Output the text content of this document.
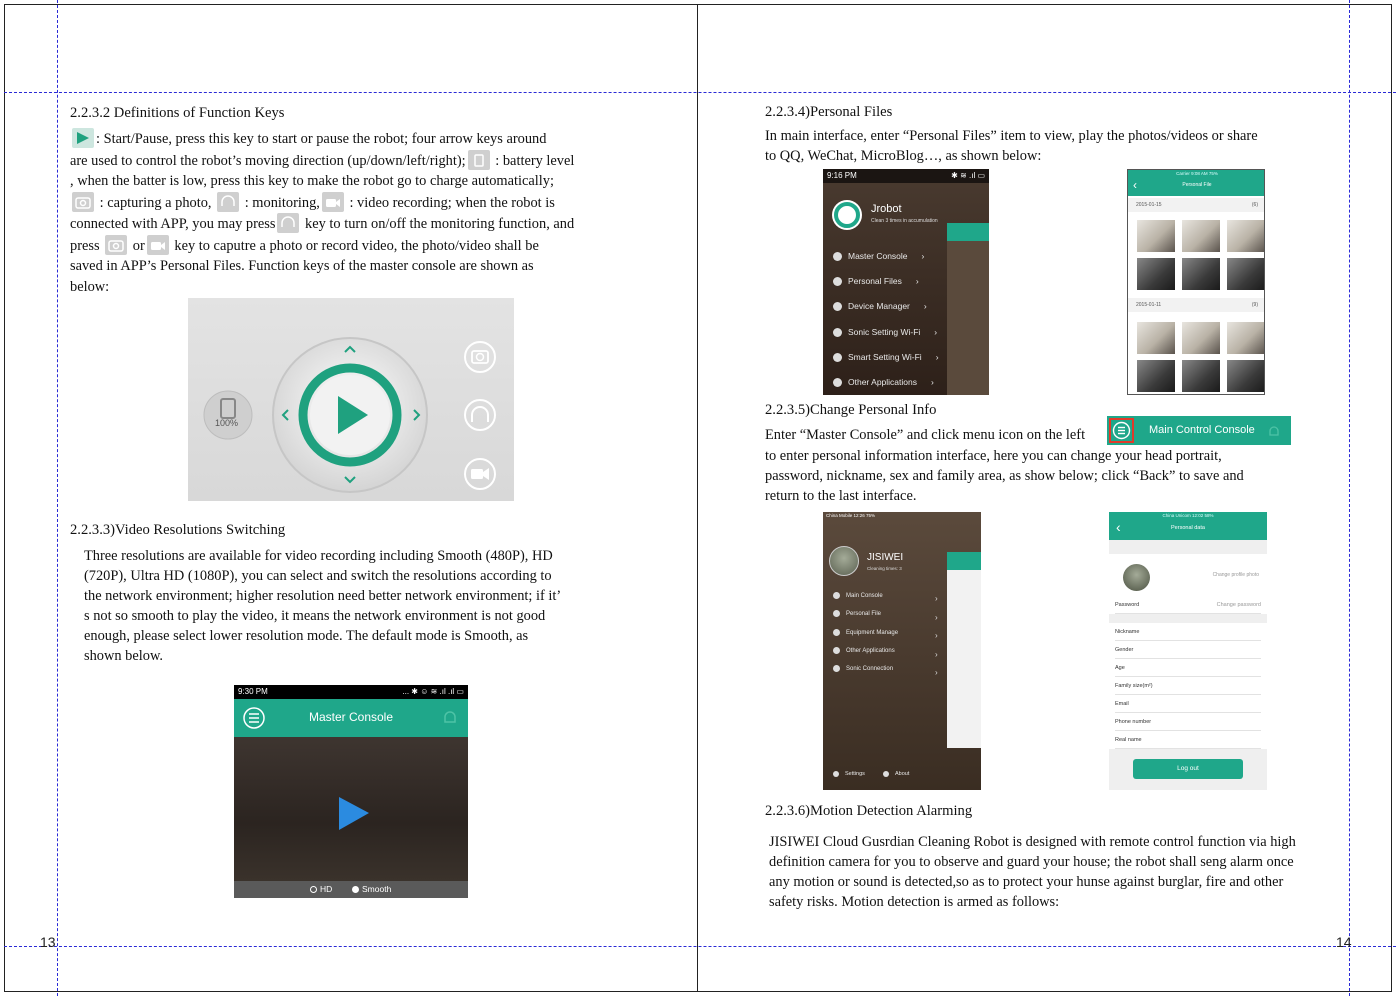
13	14
2.2.3.2 Definitions of Function Keys
: Start/Pause, press this key to start or pause the robot; four arrow keys around
are used to control the robot’s moving direction (up/down/left/right);
: battery level
, when the batter is low, press this key to make the robot go to charge automatically;
: capturing a photo,
: monitoring,
: video recording; when the robot is
connected with APP, you may press
key to turn on/off the monitoring function, and
press or
key to caputre a photo or record video, the photo/video shall be
saved in APP’s Personal Files. Function keys of the master console are shown as
below:
100%
2.2.3.3)Video Resolutions Switching
Three resolutions are available for video recording including Smooth (480P), HD
(720P), Ultra HD (1080P), you can select and switch the resolutions according to
the network environment; higher resolution need better network environment; if it’
s not so smooth to play the video, it means the network environment is not good
enough, please select lower resolution mode. The default mode is Smooth, as
shown below.
9:30 PM	... ✱ ☺ ≋ .ıl .ıl ▭
Master Console
HD	Smooth
2.2.3.4)Personal Files
In main interface, enter “Personal Files” item to view, play the photos/videos or share
to QQ, WeChat, MicroBlog…, as shown below:
9:16 PM	✱ ≋ .ıl ▭
Jrobot
Clean 3 times in accumulation
Master Console ›
Personal Files ›
Device Manager ›
Sonic Setting Wi-Fi ›
Smart Setting Wi-Fi ›
Other Applications ›
Carrier 9:08 AM 75%
‹	Personal File
2015-01-15	(6)
2015-01-11	(9)
2.2.3.5)Change Personal Info
Enter “Master Console” and click menu icon on the left	Main Control Console
to enter personal information interface, here you can change your head portrait,
password, nickname, sex and family area, as show below; click “Back” to save and
return to the last interface.
China Mobile 12:26 75%
JISIWEI
Cleaning times: 3
Main Console
Personal File
Equipment Manage
Other Applications
Sonic Connection
›
›
›
›
›
Settings	About
China Unicom 12:02 58%
‹	Personal data
Change profile photo
Password	Change password
Nickname
Gender
Age
Family size(m²)
Email
Phone number
Real name
Log out
2.2.3.6)Motion Detection Alarming
JISIWEI Cloud Gusrdian Cleaning Robot is designed with remote control function via high
definition camera for you to observe and guard your house; the robot shall seng alarm once
any motion or sound is detected,so as to protect your hunse against burglar, fire and other
safety risks. Motion detection is armed as follows:
